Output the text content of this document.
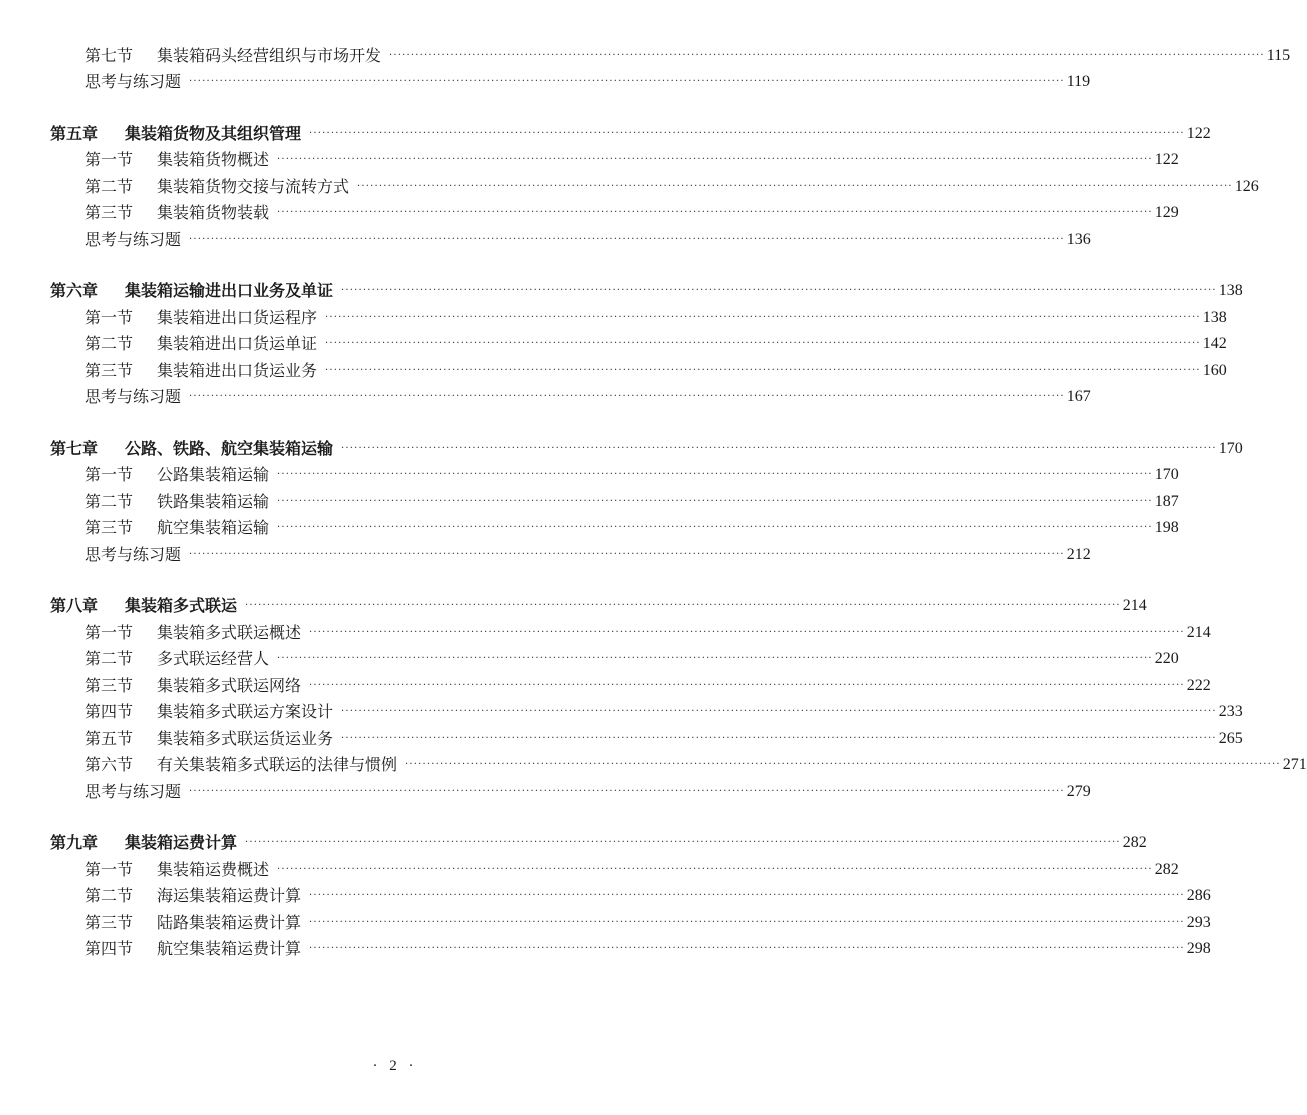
第七节	集装箱码头经营组织与市场开发 ········································································································································································································ 115
思考与练习题 ········································································································································································································ 119
第五章	集装箱货物及其组织管理 ········································································································································································································ 122
第一节	集装箱货物概述 ········································································································································································································ 122
第二节	集装箱货物交接与流转方式 ········································································································································································································ 126
第三节	集装箱货物装载 ········································································································································································································ 129
思考与练习题 ········································································································································································································ 136
第六章	集装箱运输进出口业务及单证 ········································································································································································································ 138
第一节	集装箱进出口货运程序 ········································································································································································································ 138
第二节	集装箱进出口货运单证 ········································································································································································································ 142
第三节	集装箱进出口货运业务 ········································································································································································································ 160
思考与练习题 ········································································································································································································ 167
第七章	公路、铁路、航空集装箱运输 ········································································································································································································ 170
第一节	公路集装箱运输 ········································································································································································································ 170
第二节	铁路集装箱运输 ········································································································································································································ 187
第三节	航空集装箱运输 ········································································································································································································ 198
思考与练习题 ········································································································································································································ 212
第八章	集装箱多式联运 ········································································································································································································ 214
第一节	集装箱多式联运概述 ········································································································································································································ 214
第二节	多式联运经营人 ········································································································································································································ 220
第三节	集装箱多式联运网络 ········································································································································································································ 222
第四节	集装箱多式联运方案设计 ········································································································································································································ 233
第五节	集装箱多式联运货运业务 ········································································································································································································ 265
第六节	有关集装箱多式联运的法律与惯例 ········································································································································································································ 271
思考与练习题 ········································································································································································································ 279
第九章	集装箱运费计算 ········································································································································································································ 282
第一节	集装箱运费概述 ········································································································································································································ 282
第二节	海运集装箱运费计算 ········································································································································································································ 286
第三节	陆路集装箱运费计算 ········································································································································································································ 293
第四节	航空集装箱运费计算 ········································································································································································································ 298
· 2 ·
